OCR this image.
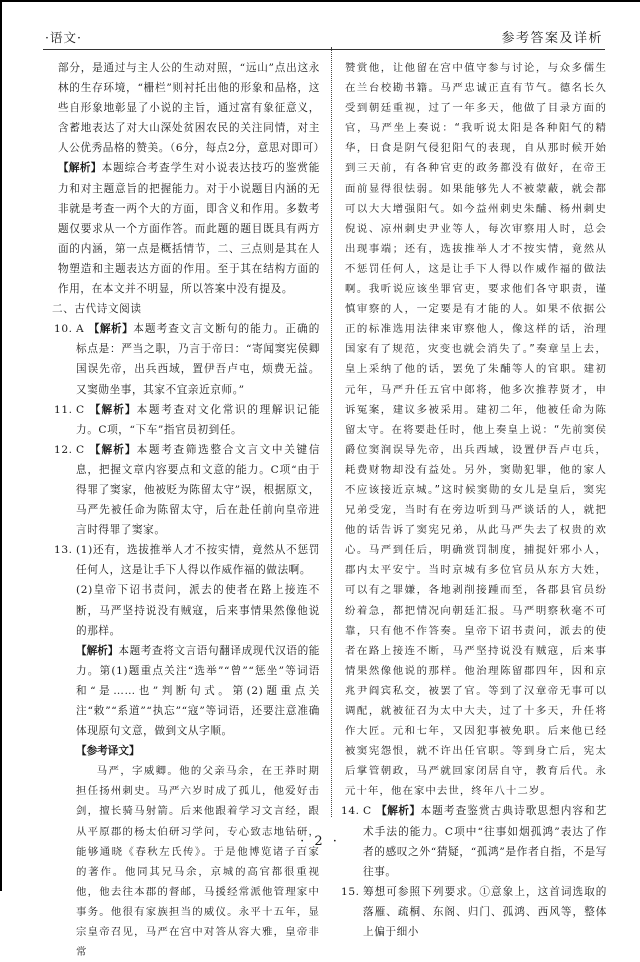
·语文·	参考答案及详析

部分，是通过与主人公的生动对照，“远山”点出这永林的生存环境，“栅栏”则衬托出他的形象和品格，这些自形象地彰显了小说的主旨，通过富有象征意义，含蓄地表达了对大山深处贫困农民的关注同情，对主人公优秀品格的赞美。（6分，每点2分，意思对即可）

【解析】本题综合考查学生对小说表达技巧的鉴赏能力和对主题意旨的把握能力。对于小说题目内涵的无非就是考查一两个大的方面，即含义和作用。多数考题仅要求从一个方面作答。而此题的题目既具有两方面的内涵，第一点是概括情节，二、三点则是其在人物塑造和主题表达方面的作用。至于其在结构方面的作用，在本文并不明显，所以答案中没有提及。

二、古代诗文阅读

10. A 【解析】本题考查文言文断句的能力。正确的标点是：严当之职，乃言于帝曰：“寄闻窦宪侯卿国误先帝，出兵西域，置伊吾卢屯，烦费无益。又窦勋坐事，其家不宜亲近京师。”
11. C 【解析】本题考查对文化常识的理解识记能力。C项，“下车”指官员初到任。
12. C 【解析】本题考查筛选整合文言文中关键信息，把握文章内容要点和文意的能力。C项“由于得罪了窦家，他被贬为陈留太守”误，根据原文，马严先被任命为陈留太守，后在赴任前向皇帝进言时得罪了窦家。
13. (1)还有，选拔推举人才不按实情，竟然从不惩罚任何人，这是让手下人得以作威作福的做法啊。

(2)皇帝下诏书责问，派去的使者在路上接连不断，马严坚持说没有贼寇，后来事情果然像他说的那样。

【解析】本题考查将文言语句翻译成现代汉语的能力。第(1)题重点关注“选举”“曾”“惩坐”等词语和“是……也”判断句式。第(2)题重点关注“敕”“系道”“执忘”“寇”等词语，还要注意准确体现原句文意，做到文从字顺。

【参考译文】

马严，字威卿。他的父亲马余，在王莽时期担任扬州刺史。马严六岁时成了孤儿，他爱好击剑，擅长骑马射箭。后来他跟着学习文言经，跟从平原郡的杨太伯研习学问，专心致志地钻研，能够通晓《春秋左氏传》。于是他博览诸子百家的著作。他同其兄马余，京城的高官都很重视他，他去往本郡的督邮，马援经常派他管理家中事务。他很有家族担当的威仪。永平十五年，显宗皇帝召见，马严在宫中对答从容大雅，皇帝非常

赞赏他，让他留在宫中值守参与讨论，与众多儒生在兰台校勘书籍。马严忠诚正直有节气。德名长久受到朝廷重视，过了一年多天，他做了目录方面的官，马严坐上奏说：“我听说太阳是各种阳气的精华，日食是阴气侵犯阳气的表现，自从那时候开始到三天前，有各种官吏的政务都没有做好，在帝王面前显得很怯弱。如果能够先人不被蒙蔽，就会都可以大大增强阳气。如今益州刺史朱酺、杨州刺史倪说、凉州刺史尹业等人，每次审察用人时，总会出现事端；还有，选拔推举人才不按实情，竟然从不惩罚任何人，这是让手下人得以作威作福的做法啊。我听说应该坐罪官吏，要求他们各守职责，谨慎审察的人，一定要是有才能的人。如果不依据公正的标准选用法律来审察他人，像这样的话，治理国家有了规范，灾变也就会消失了。”奏章呈上去，皇上采纳了他的话，罢免了朱酺等人的官职。建初元年，马严升任五官中郎将，他多次推荐贤才，申诉冤案，建议多被采用。建初二年，他被任命为陈留太守。在将要赴任时，他上奏皇上说：“先前窦侯爵位窦润误导先帝，出兵西域，设置伊吾卢屯兵，耗费财物却没有益处。另外，窦勋犯罪，他的家人不应该接近京城。”这时候窦勋的女儿是皇后，窦宪兄弟受宠，当时有在旁边听到马严谈话的人，就把他的话告诉了窦宪兄弟，从此马严失去了权贵的欢心。马严到任后，明确赏罚制度，捕捉奸邪小人，郡内太平安宁。当时京城有多位官员从东方大姓，可以有之罪嫌，各地剥削接踵而至，各郡县官员纷纷着急，都把情况向朝廷汇报。马严明察秋毫不可靠，只有他不作答奏。皇帝下诏书责问，派去的使者在路上接连不断，马严坚持说没有贼寇，后来事情果然像他说的那样。他治理陈留郡四年，因和京兆尹阎宾私交，被罢了官。等到了汉章帝无事可以调配，就被征召为太中大夫，过了十多天，升任将作大匠。元和七年，又因犯事被免职。后来他已经被窦宪怨恨，就不许出任官职。等到身亡后，宪太后掌管朝政，马严就回家闭居自守，教育后代。永元十年，他在家中去世，终年八十二岁。

14. C 【解析】本题考查鉴赏古典诗歌思想内容和艺术手法的能力。C项中“往事如烟孤鸿”表达了作者的感叹之外“猜疑，“孤鸿”是作者自指，不是写往事。
15. 筹想可参照下列要求。①意象上，这首词选取的落雁、疏桐、东阁、归门、孤鸿、西风等，整体上偏于细小
· 2 ·
